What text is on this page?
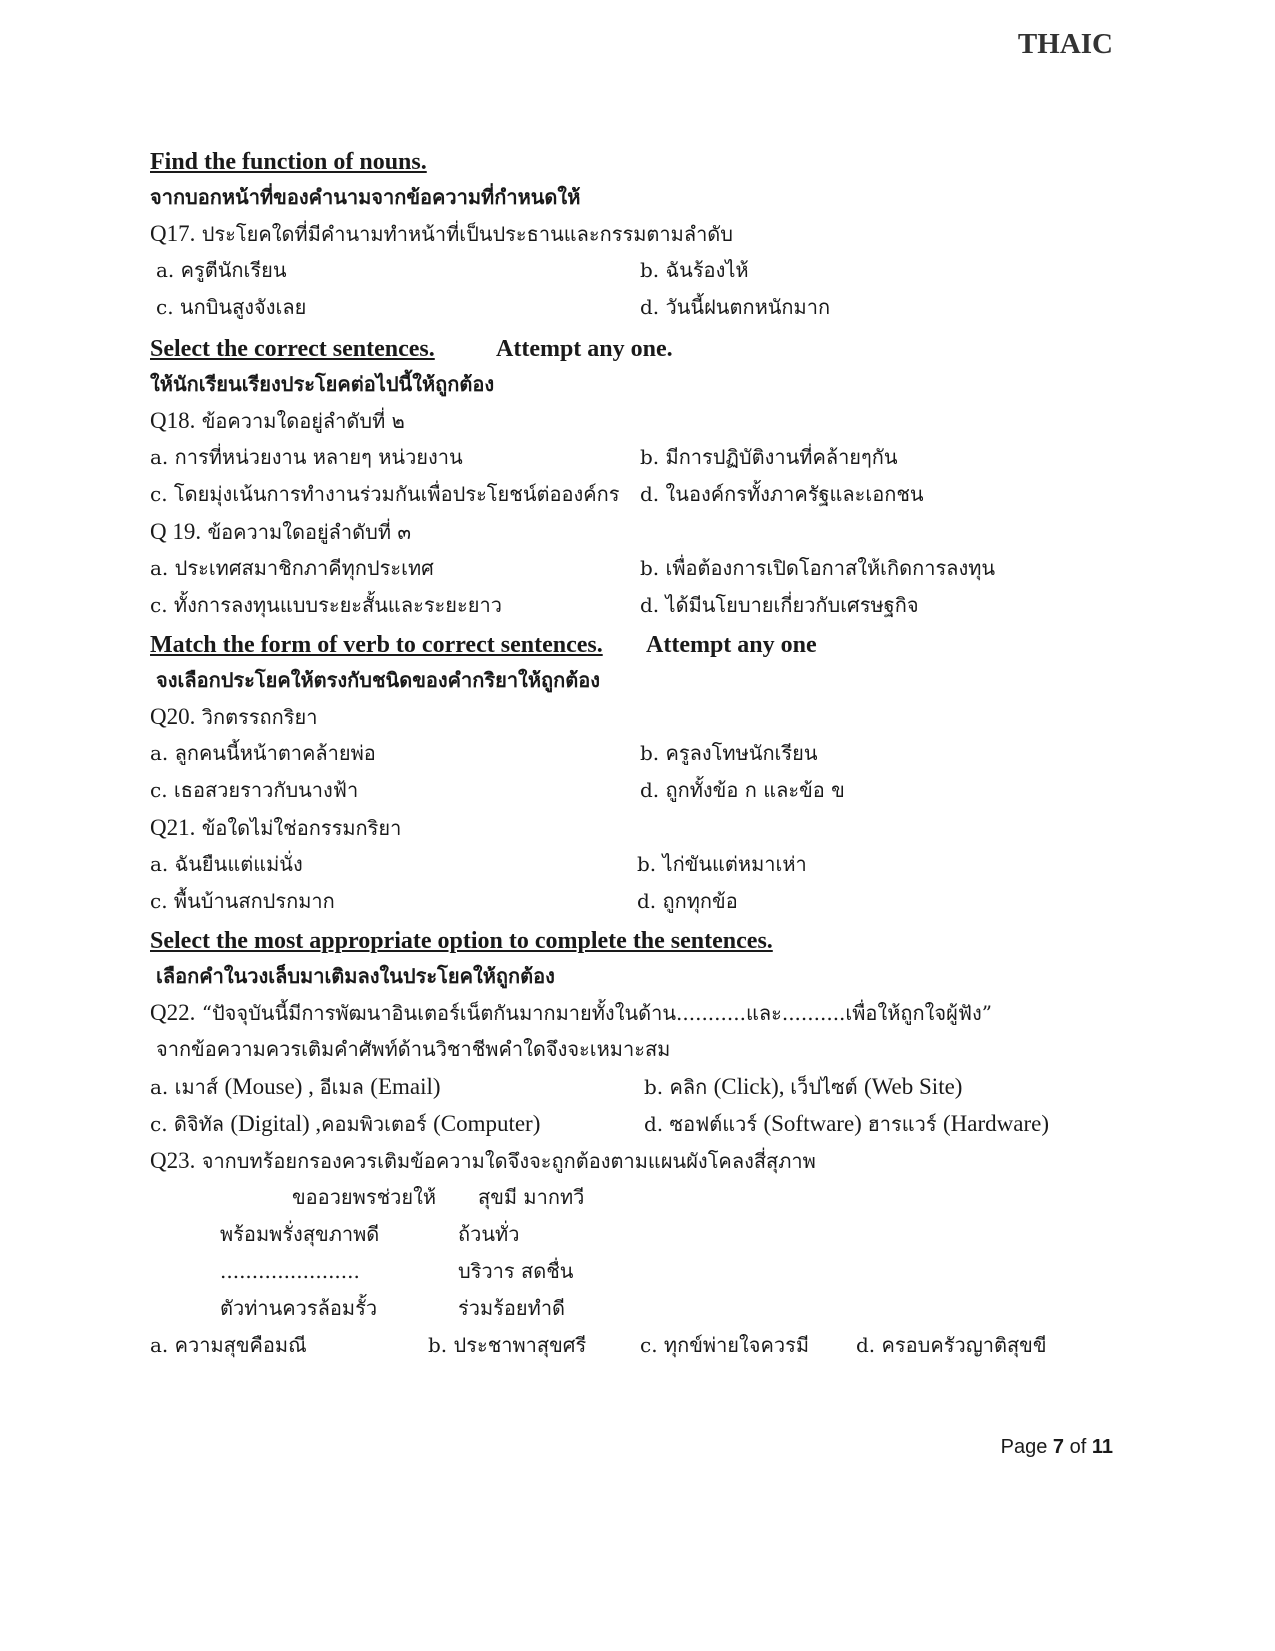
THAIC
Find the function of nouns.
จากบอกหน้าที่ของคำนามจากข้อความที่กำหนดให้
Q17. ประโยคใดที่มีคำนามทำหน้าที่เป็นประธานและกรรมตามลำดับ
a. ครูตีนักเรียน	b. ฉันร้องไห้
c. นกบินสูงจังเลย	d. วันนี้ฝนตกหนักมาก
Select the correct sentences.	Attempt any one.
ให้นักเรียนเรียงประโยคต่อไปนี้ให้ถูกต้อง
Q18. ข้อความใดอยู่ลำดับที่ ๒
a. การที่หน่วยงาน หลายๆ หน่วยงาน	b. มีการปฏิบัติงานที่คล้ายๆกัน
c. โดยมุ่งเน้นการทำงานร่วมกันเพื่อประโยชน์ต่อองค์กร d. ในองค์กรทั้งภาครัฐและเอกชน
Q 19. ข้อความใดอยู่ลำดับที่ ๓
a. ประเทศสมาชิกภาคีทุกประเทศ	b. เพื่อต้องการเปิดโอกาสให้เกิดการลงทุน
c. ทั้งการลงทุนแบบระยะสั้นและระยะยาว	d. ได้มีนโยบายเกี่ยวกับเศรษฐกิจ
Match the form of verb to correct sentences. Attempt any one
จงเลือกประโยคให้ตรงกับชนิดของคำกริยาให้ถูกต้อง
Q20. วิกตรรถกริยา
a. ลูกคนนี้หน้าตาคล้ายพ่อ	b. ครูลงโทษนักเรียน
c. เธอสวยราวกับนางฟ้า	d. ถูกทั้งข้อ ก และข้อ ข
Q21. ข้อใดไม่ใช่อกรรมกริยา
a. ฉันยืนแต่แม่นั่ง	b. ไก่ขันแต่หมาเห่า
c. พื้นบ้านสกปรกมาก	d. ถูกทุกข้อ
Select the most appropriate option to complete the sentences.
เลือกคำในวงเล็บมาเติมลงในประโยคให้ถูกต้อง
Q22. “ปัจจุบันนี้มีการพัฒนาอินเตอร์เน็ตกันมากมายทั้งในด้าน...........และ..........เพื่อให้ถูกใจผู้ฟัง”
จากข้อความควรเติมคำศัพท์ด้านวิชาชีพคำใดจึงจะเหมาะสม
a. เมาส์ (Mouse) , อีเมล (Email)	b. คลิก (Click), เว็ปไซต์ (Web Site)
c. ดิจิทัล (Digital) ,คอมพิวเตอร์ (Computer)	d. ซอฟต์แวร์ (Software) ฮารแวร์ (Hardware)
Q23. จากบทร้อยกรองควรเติมข้อความใดจึงจะถูกต้องตามแผนผังโคลงสี่สุภาพ
ขออวยพรช่วยให้ สุขมี มากทวี
พร้อมพรั่งสุขภาพดี	ถ้วนทั่ว
......................	บริวาร สดชื่น
ตัวท่านควรล้อมรั้ว	ร่วมร้อยทำดี
a. ความสุขคือมณี	b. ประชาพาสุขศรี	c. ทุกข์พ่ายใจควรมี d. ครอบครัวญาติสุขขี
Page 7 of 11
